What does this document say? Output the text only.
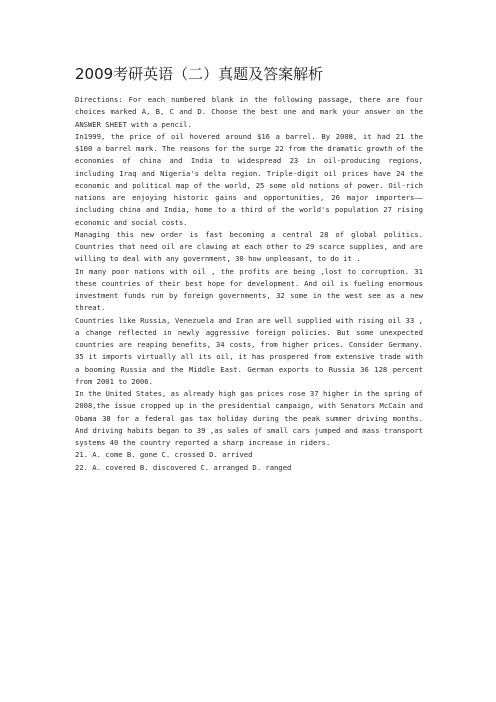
2009考研英语（二）真题及答案解析

Directions: For each numbered blank in the following passage, there are four choices marked A, B, C and D. Choose the best one and mark your answer on the ANSWER SHEET with a pencil.

In1999, the price of oil hovered around $16 a barrel. By 2008, it had 21 the $100 a barrel mark. The reasons for the surge 22 from the dramatic growth of the economies of china and India to widespread 23 in oil-producing regions, including Iraq and Nigeria's delta region. Triple-digit oil prices have 24 the economic and political map of the world, 25 some old notions of power. Oil-rich nations are enjoying historic gains and opportunities, 26 major importers——including china and India, home to a third of the world's population 27 rising economic and social costs.

Managing this new order is fast becoming a central 28 of global politics. Countries that need oil are clawing at each other to 29 scarce supplies, and are willing to deal with any government, 30 how unpleasant, to do it .

In many poor nations with oil , the profits are being ,lost to corruption. 31 these countries of their best hope for development. And oil is fueling enormous investment funds run by foreign governments, 32 some in the west see as a new threat.

Countries like Russia, Venezuela and Iran are well supplied with rising oil 33 , a change reflected in newly aggressive foreign policies. But some unexpected countries are reaping benefits, 34 costs, from higher prices. Consider Germany. 35 it imports virtually all its oil, it has prospered from extensive trade with a booming Russia and the Middle East. German exports to Russia 36 128 percent from 2001 to 2006.

In the United States, as already high gas prices rose 37 higher in the spring of 2008,the issue cropped up in the presidential campaign, with Senators McCain and Obama 38 for a federal gas tax holiday during the peak summer driving months. And driving habits began to 39 ,as sales of small cars jumped and mass transport systems 40 the country reported a sharp increase in riders.

21. A. come B. gone C. crossed D. arrived

22. A. covered B. discovered C. arranged D. ranged
